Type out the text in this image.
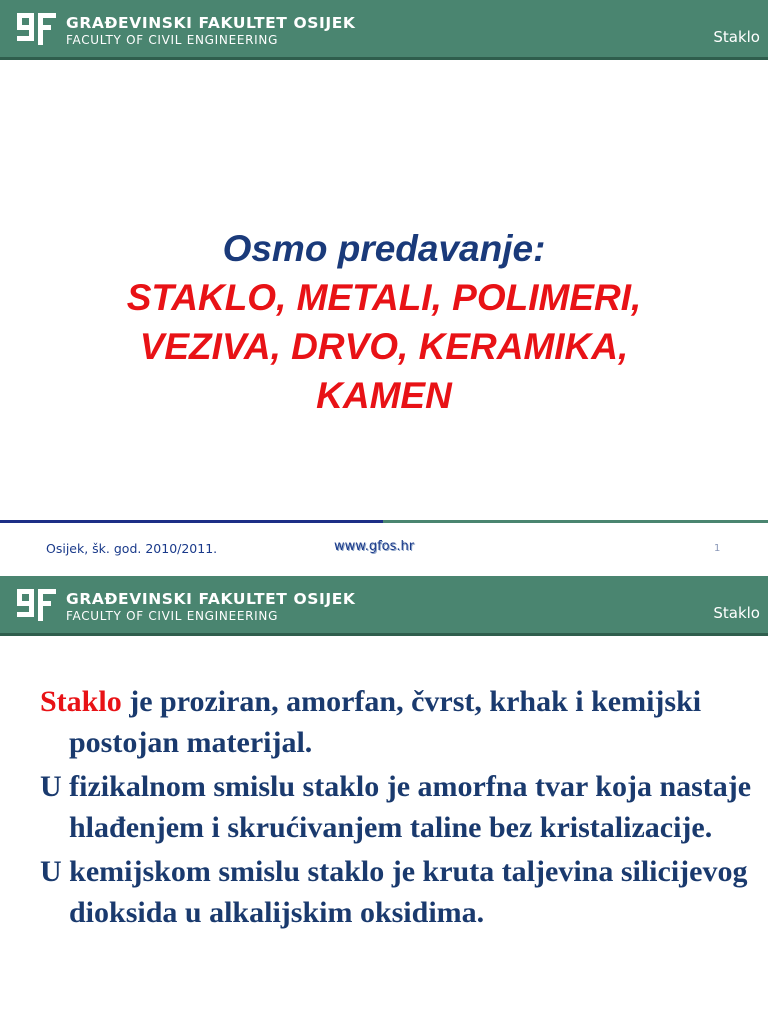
GRAĐEVINSKI FAKULTET OSIJEK
FACULTY OF CIVIL ENGINEERING	Staklo
Osmo predavanje:
STAKLO, METALI, POLIMERI,
VEZIVA, DRVO, KERAMIKA,
KAMEN
Osijek, šk. god. 2010/2011.	www.gfos.hr	1
GRAĐEVINSKI FAKULTET OSIJEK
FACULTY OF CIVIL ENGINEERING	Staklo

Staklo je proziran, amorfan, čvrst, krhak i kemijski postojan materijal.

U fizikalnom smislu staklo je amorfna tvar koja nastaje hlađenjem i skrućivanjem taline bez kristalizacije.

U kemijskom smislu staklo je kruta taljevina silicijevog dioksida u alkalijskim oksidima.
